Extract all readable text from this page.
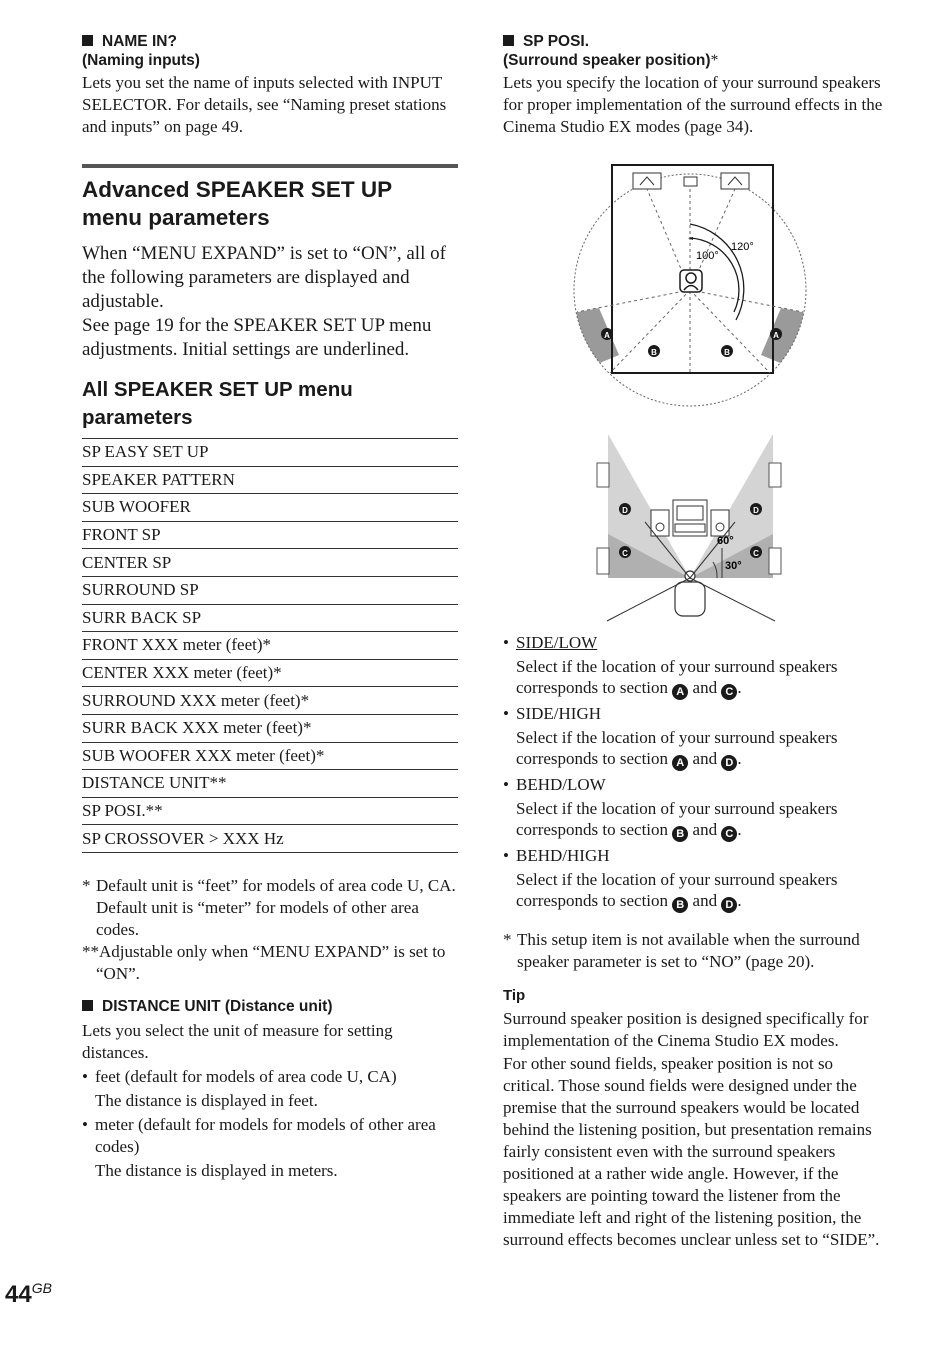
NAME IN?

(Naming inputs)

Lets you set the name of inputs selected with INPUT SELECTOR. For details, see “Naming preset stations and inputs” on page 49.

Advanced SPEAKER SET UP
menu parameters

When “MENU EXPAND” is set to “ON”, all of the following parameters are displayed and adjustable.

See page 19 for the SPEAKER SET UP menu adjustments. Initial settings are underlined.

All SPEAKER SET UP menu
parameters
SP EASY SET UP
SPEAKER PATTERN
SUB WOOFER
FRONT SP
CENTER SP
SURROUND SP
SURR BACK SP
FRONT XXX meter (feet)*
CENTER XXX meter (feet)*
SURROUND XXX meter (feet)*
SURR BACK XXX meter (feet)*
SUB WOOFER XXX meter (feet)*
DISTANCE UNIT**
SP POSI.**
SP CROSSOVER > XXX Hz
* Default unit is “feet” for models of area code U, CA.
Default unit is “meter” for models of other area codes.
**Adjustable only when “MENU EXPAND” is set to
“ON”.

DISTANCE UNIT (Distance unit)

Lets you select the unit of measure for setting distances.

• feet (default for models of area code U, CA)

The distance is displayed in feet.

• meter (default for models for models of other area codes)

The distance is displayed in meters.

SP POSI.

(Surround speaker position)*

Lets you specify the location of your surround speakers for proper implementation of the surround effects in the Cinema Studio EX modes (page 34).

100°
120°
A	A
B	B
60°
30°
D	D
C	C

• SIDE/LOW

Select if the location of your surround speakers corresponds to section A and C .

• SIDE/HIGH

Select if the location of your surround speakers corresponds to section A and D .

• BEHD/LOW

Select if the location of your surround speakers corresponds to section B and C .

• BEHD/HIGH

Select if the location of your surround speakers corresponds to section B and D .

* This setup item is not available when the surround speaker parameter is set to “NO” (page 20).

Tip

Surround speaker position is designed specifically for implementation of the Cinema Studio EX modes.

For other sound fields, speaker position is not so critical. Those sound fields were designed under the premise that the surround speakers would be located behind the listening position, but presentation remains fairly consistent even with the surround speakers positioned at a rather wide angle. However, if the speakers are pointing toward the listener from the immediate left and right of the listening position, the surround effects becomes unclear unless set to “SIDE”.

$44^{GB}$
